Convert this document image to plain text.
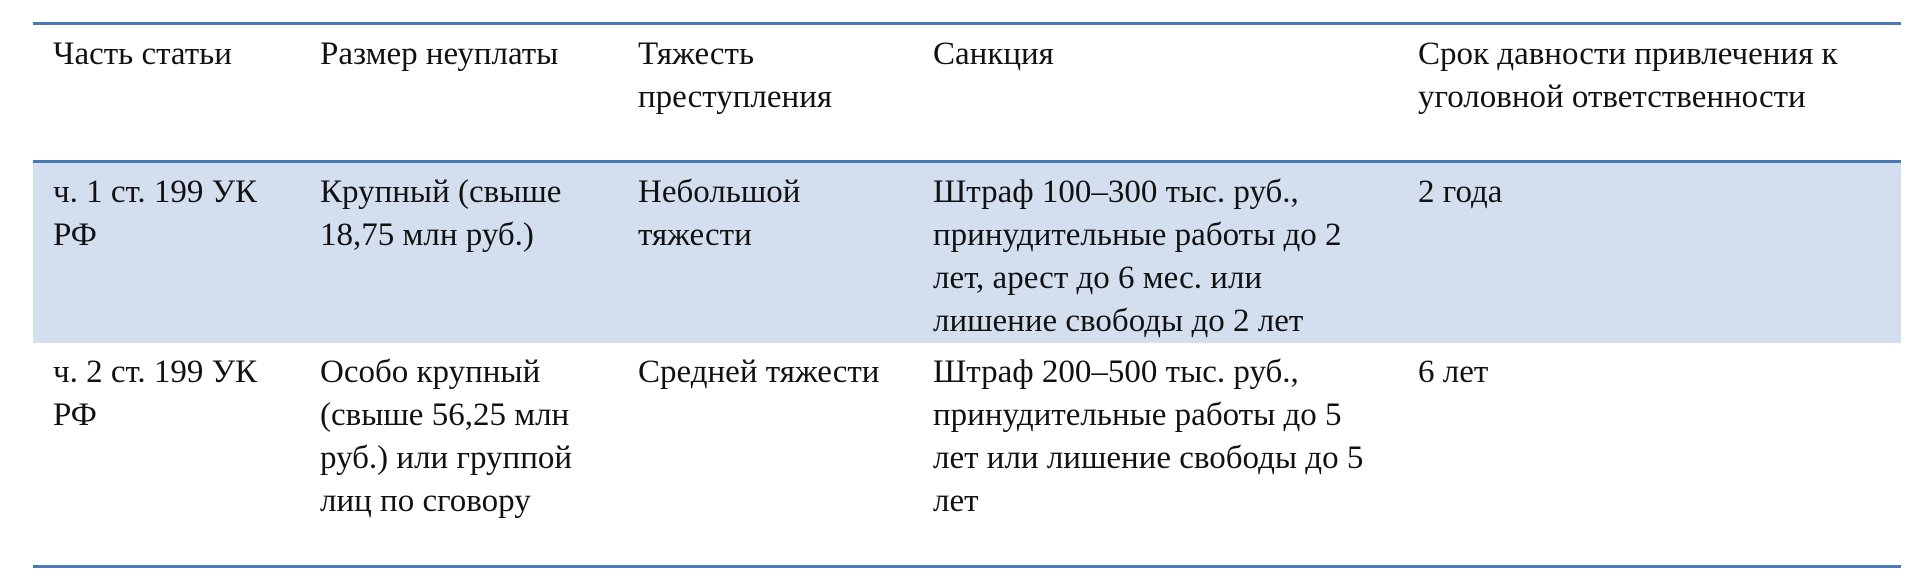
Часть статьи	Размер неуплаты	Тяжесть преступления	Санкция	Срок давности привлечения к уголовной ответственности
ч. 1 ст. 199 УК РФ	Крупный (свыше 18,75 млн руб.)	Небольшой тяжести	Штраф 100–300 тыс. руб., принудительные работы до 2 лет, арест до 6 мес. или лишение свободы до 2 лет	2 года
ч. 2 ст. 199 УК РФ	Особо крупный (свыше 56,25 млн руб.) или группой лиц по сговору	Средней тяжести	Штраф 200–500 тыс. руб., принудительные работы до 5 лет или лишение свободы до 5 лет	6 лет
